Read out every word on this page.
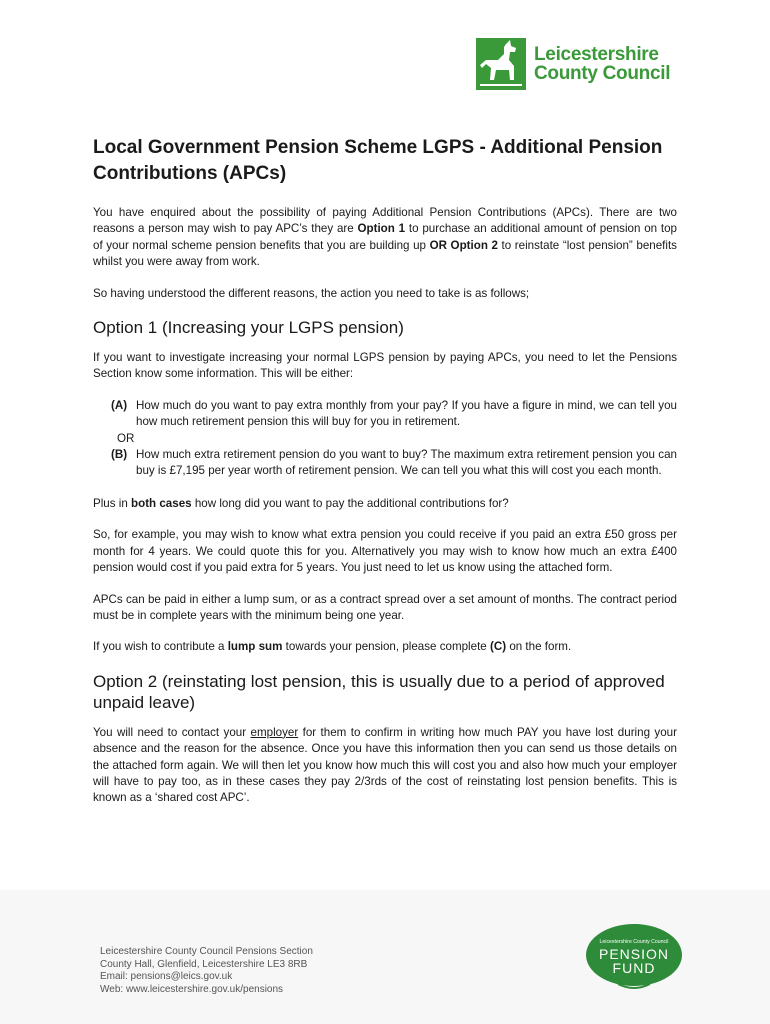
Leicestershire
County Council
Local Government Pension Scheme LGPS - Additional Pension Contributions (APCs)

You have enquired about the possibility of paying Additional Pension Contributions (APCs). There are two reasons a person may wish to pay APC’s they are Option 1 to purchase an additional amount of pension on top of your normal scheme pension benefits that you are building up OR Option 2 to reinstate “lost pension” benefits whilst you were away from work.

So having understood the different reasons, the action you need to take is as follows;

Option 1 (Increasing your LGPS pension)

If you want to investigate increasing your normal LGPS pension by paying APCs, you need to let the Pensions Section know some information. This will be either:

(A) How much do you want to pay extra monthly from your pay? If you have a figure in mind, we can tell you how much retirement pension this will buy for you in retirement.
OR
(B) How much extra retirement pension do you want to buy? The maximum extra retirement pension you can buy is £7,195 per year worth of retirement pension. We can tell you what this will cost you each month.

Plus in both cases how long did you want to pay the additional contributions for?

So, for example, you may wish to know what extra pension you could receive if you paid an extra £50 gross per month for 4 years. We could quote this for you. Alternatively you may wish to know how much an extra £400 pension would cost if you paid extra for 5 years. You just need to let us know using the attached form.

APCs can be paid in either a lump sum, or as a contract spread over a set amount of months. The contract period must be in complete years with the minimum being one year.

If you wish to contribute a lump sum towards your pension, please complete (C) on the form.

Option 2 (reinstating lost pension, this is usually due to a period of approved unpaid leave)

You will need to contact your employer for them to confirm in writing how much PAY you have lost during your absence and the reason for the absence. Once you have this information then you can send us those details on the attached form again. We will then let you know how much this will cost you and also how much your employer will have to pay too, as in these cases they pay 2/3rds of the cost of reinstating lost pension benefits. This is known as a ‘shared cost APC’.

Leicestershire County Council Pensions Section
County Hall, Glenfield, Leicestershire LE3 8RB
Email: pensions@leics.gov.uk
Web: www.leicestershire.gov.uk/pensions
Leicestershire County Council
PENSION
FUND
